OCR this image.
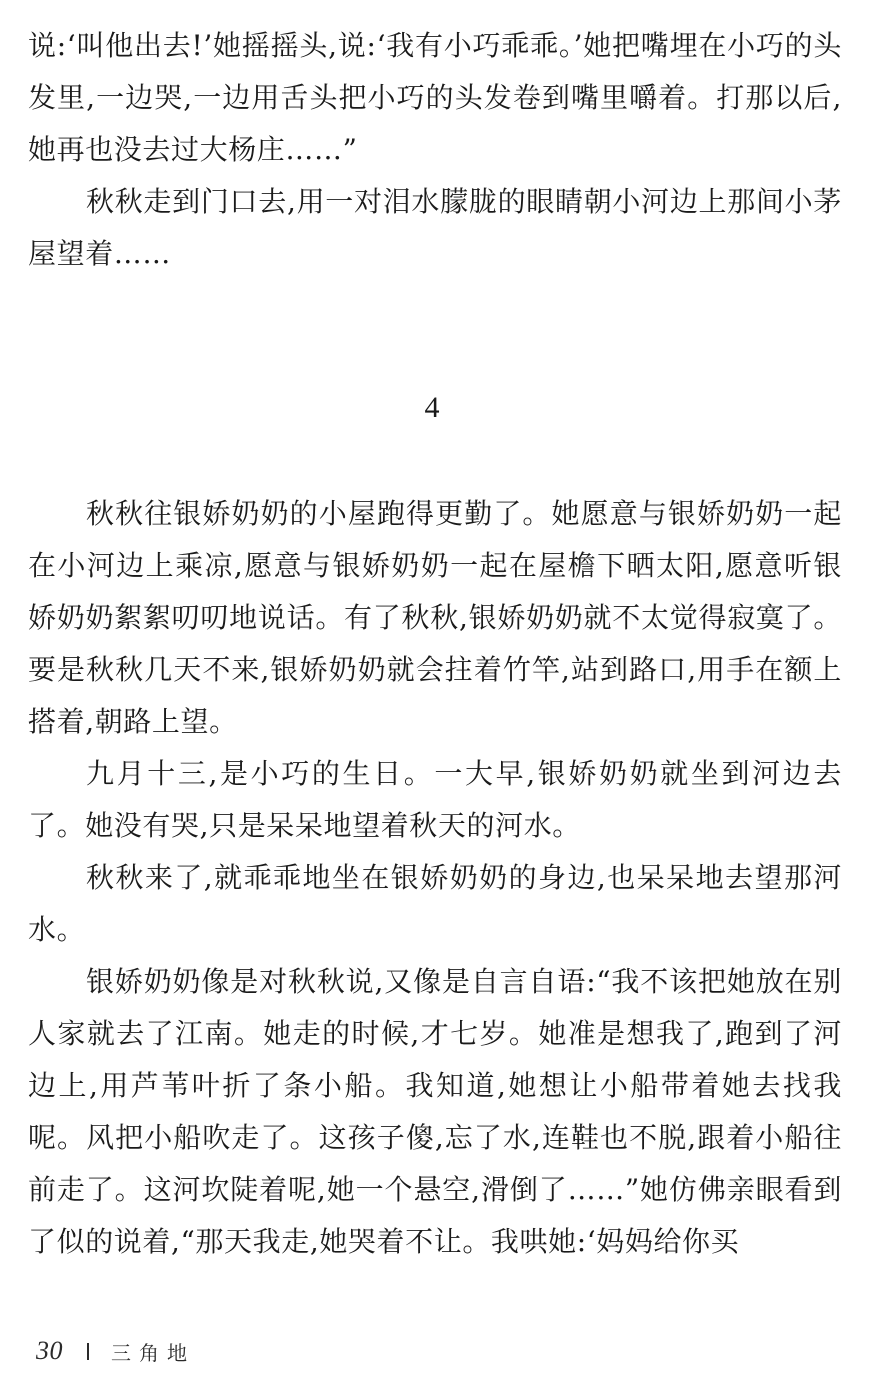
说:‘叫他出去!’她摇摇头,说:‘我有小巧乖乖。’她把嘴埋在小巧的头发里,一边哭,一边用舌头把小巧的头发卷到嘴里嚼着。打那以后,她再也没去过大杨庄……”

秋秋走到门口去,用一对泪水朦胧的眼睛朝小河边上那间小茅屋望着……

4

秋秋往银娇奶奶的小屋跑得更勤了。她愿意与银娇奶奶一起在小河边上乘凉,愿意与银娇奶奶一起在屋檐下晒太阳,愿意听银娇奶奶絮絮叨叨地说话。有了秋秋,银娇奶奶就不太觉得寂寞了。要是秋秋几天不来,银娇奶奶就会拄着竹竿,站到路口,用手在额上搭着,朝路上望。

九月十三,是小巧的生日。一大早,银娇奶奶就坐到河边去了。她没有哭,只是呆呆地望着秋天的河水。

秋秋来了,就乖乖地坐在银娇奶奶的身边,也呆呆地去望那河水。

银娇奶奶像是对秋秋说,又像是自言自语:“我不该把她放在别人家就去了江南。她走的时候,才七岁。她准是想我了,跑到了河边上,用芦苇叶折了条小船。我知道,她想让小船带着她去找我呢。风把小船吹走了。这孩子傻,忘了水,连鞋也不脱,跟着小船往前走了。这河坎陡着呢,她一个悬空,滑倒了……”她仿佛亲眼看到了似的说着,“那天我走,她哭着不让。我哄她:‘妈妈给你买

30 三角地
